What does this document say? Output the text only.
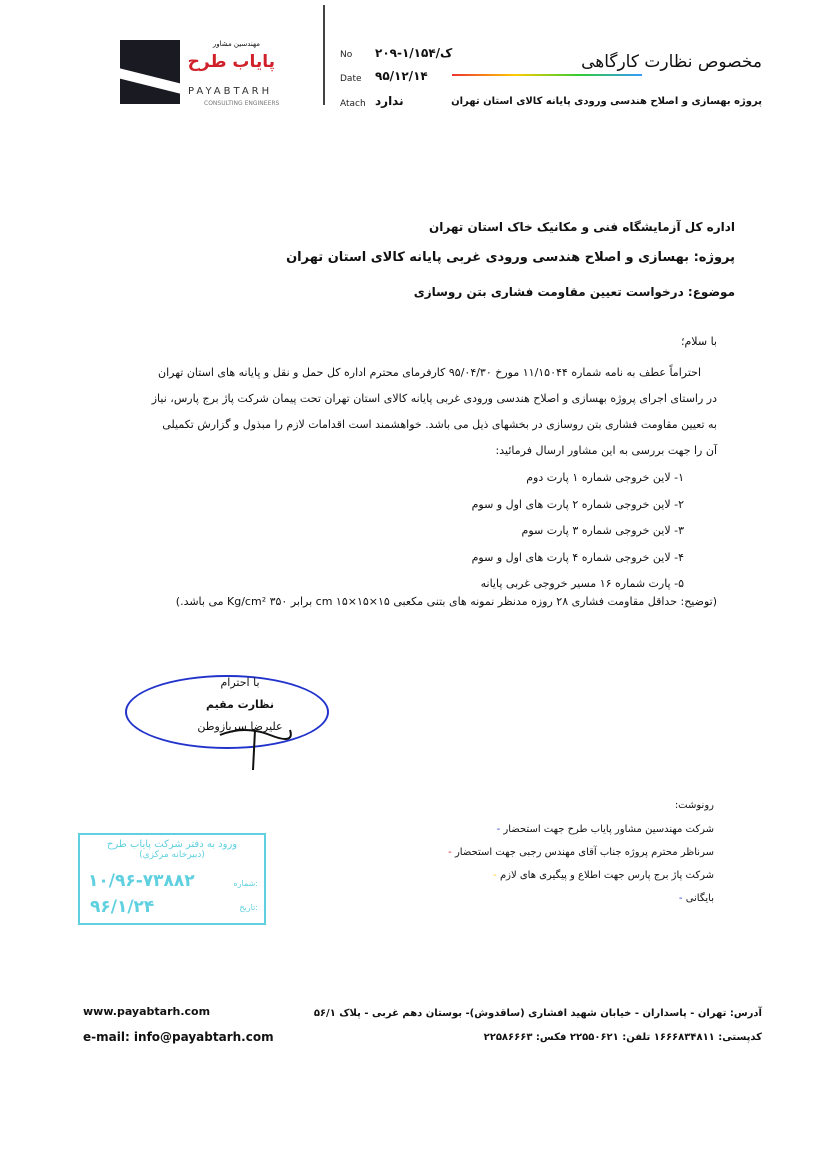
مهندسین مشاور
پایاب طرح
PAYABTARH
CONSULTING ENGINEERS
No ۲۰۹-۱/ک/۱۵۴
Date ۹۵/۱۲/۱۴
Atach ندارد
مخصوص نظارت کارگاهی
پروژه بهسازی و اصلاح هندسی ورودی پایانه کالای استان تهران
اداره کل آزمایشگاه فنی و مکانیک خاک استان تهران
پروژه: بهسازی و اصلاح هندسی ورودی غربی پایانه کالای استان تهران
موضوع: درخواست تعیین مقاومت فشاری بتن روسازی
با سلام؛
احتراماً عطف به نامه شماره ۱۱/۱۵۰۴۴ مورخ ۹۵/۰۴/۳۰ کارفرمای محترم اداره کل حمل و نقل و پایانه های استان تهران
در راستای اجرای پروژه بهسازی و اصلاح هندسی ورودی غربی پایانه کالای استان تهران تحت پیمان شرکت پاژ برج پارس، نیاز
به تعیین مقاومت فشاری بتن روسازی در بخشهای ذیل می باشد. خواهشمند است اقدامات لازم را مبذول و گزارش تکمیلی
آن را جهت بررسی به این مشاور ارسال فرمائید:
۱- لاین خروجی شماره ۱ پارت دوم
۲- لاین خروجی شماره ۲ پارت های اول و سوم
۳- لاین خروجی شماره ۳ پارت سوم
۴- لاین خروجی شماره ۴ پارت های اول و سوم
۵- پارت شماره ۱۶ مسیر خروجی غربی پایانه
(توضیح: حداقل مقاومت فشاری ۲۸ روزه مدنظر نمونه های بتنی مکعبی ۱۵×۱۵×۱۵ cm برابر ۳۵۰ Kg/cm² می باشد.)
با احترام
نظارت مقیم
علیرضا سربازوطن
رونوشت:
شرکت مهندسین مشاور پایاب طرح جهت استحضار -
سرناظر محترم پروژه جناب آقای مهندس رجبی جهت استحضار -
شرکت پاژ برج پارس جهت اطلاع و پیگیری های لازم -
بایگانی -
ورود به دفتر شرکت پایاب طرح
(دبیرخانه مرکزی)
شماره:
۱۰/۹۶-۷۳۸۸۲
تاریخ:
۹۶/۱/۲۴
www.payabtarh.com
e-mail: info@payabtarh.com
آدرس: تهران - پاسداران - خیابان شهید افشاری (ساقدوش)- بوستان دهم غربی - پلاک ۵۶/۱
کدپستی: ۱۶۶۶۸۳۴۸۱۱ تلفن: ۲۲۵۵۰۶۲۱ فکس: ۲۲۵۸۶۶۶۳
